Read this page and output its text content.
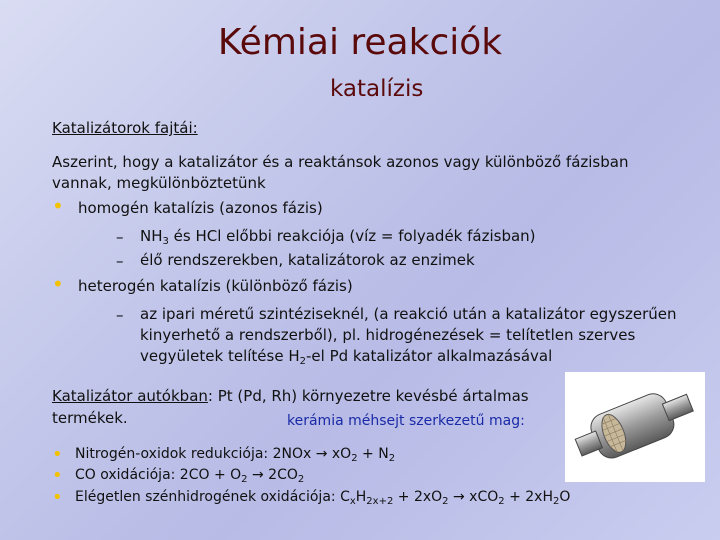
Kémiai reakciók
katalízis
Katalizátorok fajtái:
Aszerint, hogy a katalizátor és a reaktánsok azonos vagy különböző fázisban
vannak, megkülönböztetünk
• homogén katalízis (azonos fázis)
– $NH_3$ és HCl előbbi reakciója (víz = folyadék fázisban)
– élő rendszerekben, katalizátorok az enzimek
• heterogén katalízis (különböző fázis)
– az ipari méretű szintéziseknél, (a reakció után a katalizátor egyszerűen
kinyerhető a rendszerből), pl. hidrogénezések = telítetlen szerves
vegyületek telítése $H_2-el$ Pd katalizátor alkalmazásával
Katalizátor autókban: Pt (Pd, Rh) környezetre kevésbé ártalmas
termékek.	kerámia méhsejt szerkezetű mag:
• Nitrogén-oxidok redukciója: $2NOx \to xO_2 + N_2$
• CO oxidációja: $2CO + O_2 \to 2CO_2$
• Elégetlen szénhidrogének oxidációja: $C_xH_{2x+2} + 2xO_2 \to xCO_2 + 2xH_2O$
